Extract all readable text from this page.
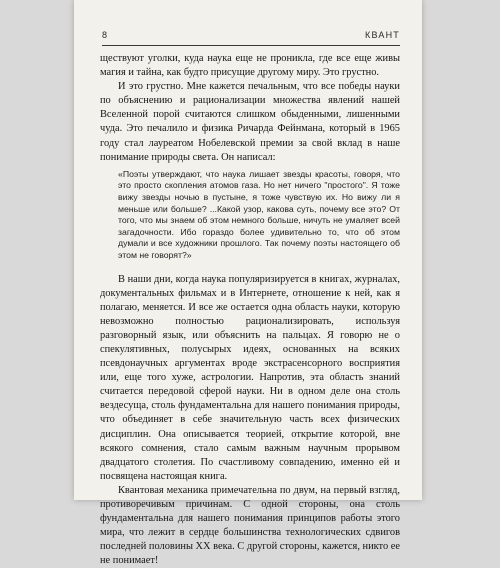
8	КВАНТ

ществуют уголки, куда наука еще не проникла, где все еще живы магия и тайна, как будто присущие другому миру. Это грустно.

И это грустно. Мне кажется печальным, что все победы науки по объяснению и рационализации множества явлений нашей Вселенной порой считаются слишком обыденными, лишенными чуда. Это печалило и физика Ричарда Фейнмана, который в 1965 году стал лауреатом Нобелевской премии за свой вклад в наше понимание природы света. Он написал:

«Поэты утверждают, что наука лишает звезды красоты, говоря, что это просто скопления атомов газа. Но нет ничего "простого". Я тоже вижу звезды ночью в пустыне, я тоже чувствую их. Но вижу ли я меньше или больше? ...Какой узор, какова суть, почему все это? От того, что мы знаем об этом немного больше, ничуть не умаляет всей загадочности. Ибо гораздо более удивительно то, что об этом думали и все художники прошлого. Так почему поэты настоящего об этом не говорят?»

В наши дни, когда наука популяризируется в книгах, журналах, документальных фильмах и в Интернете, отношение к ней, как я полагаю, меняется. И все же остается одна область науки, которую невозможно полностью рационализировать, используя разговорный язык, или объяснить на пальцах. Я говорю не о спекулятивных, полусырых идеях, основанных на всяких псевдонаучных аргументах вроде экстрасенсорного восприятия или, еще того хуже, астрологии. Напротив, эта область знаний считается передовой сферой науки. Ни в одном деле она столь вездесуща, столь фундаментальна для нашего понимания природы, что объединяет в себе значительную часть всех физических дисциплин. Она описывается теорией, открытие которой, вне всякого сомнения, стало самым важным научным прорывом двадцатого столетия. По счастливому совпадению, именно ей и посвящена настоящая книга.

Квантовая механика примечательна по двум, на первый взгляд, противоречивым причинам. С одной стороны, она столь фундаментальна для нашего понимания принципов работы этого мира, что лежит в сердце большинства технологических сдвигов последней половины XX века. С другой стороны, кажется, никто ее не понимает!
